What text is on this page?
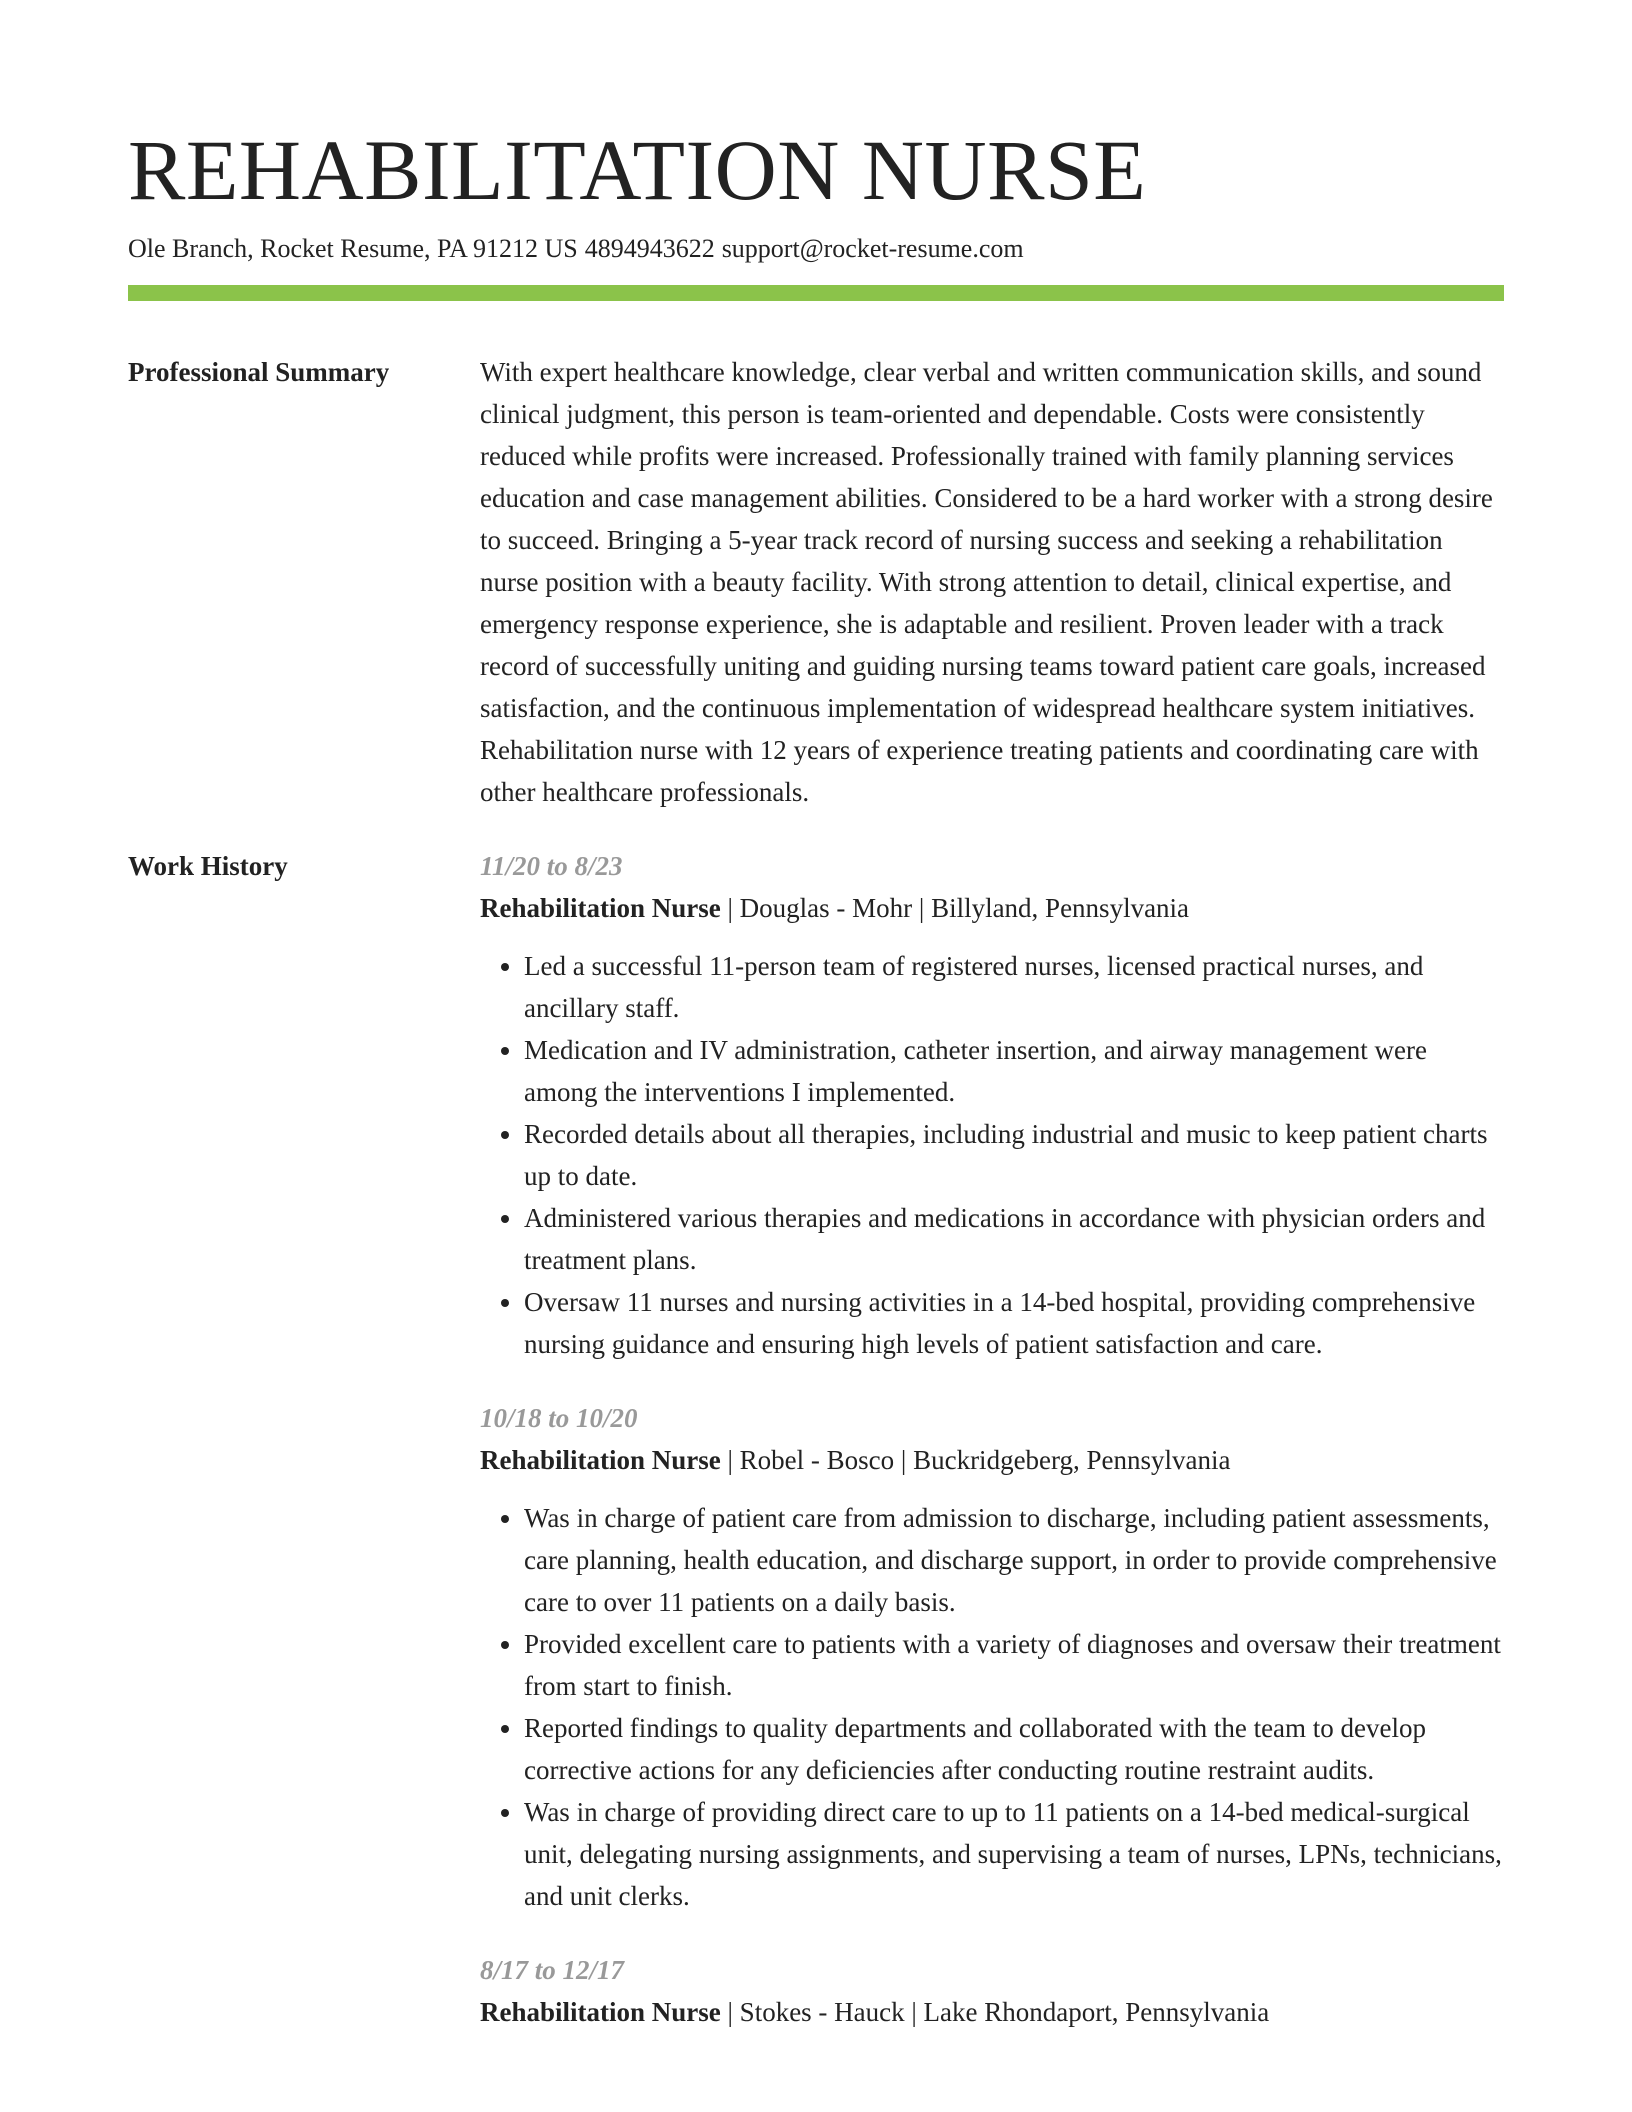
REHABILITATION NURSE
Ole Branch, Rocket Resume, PA 91212 US 4894943622 support@rocket-resume.com
Professional Summary	With expert healthcare knowledge, clear verbal and written communication skills, and sound clinical judgment, this person is team-oriented and dependable. Costs were consistently reduced while profits were increased. Professionally trained with family planning services education and case management abilities. Considered to be a hard worker with a strong desire to succeed. Bringing a 5-year track record of nursing success and seeking a rehabilitation nurse position with a beauty facility. With strong attention to detail, clinical expertise, and emergency response experience, she is adaptable and resilient. Proven leader with a track record of successfully uniting and guiding nursing teams toward patient care goals, increased satisfaction, and the continuous implementation of widespread healthcare system initiatives. Rehabilitation nurse with 12 years of experience treating patients and coordinating care with other healthcare professionals.

Work History	11/20 to 8/23
Rehabilitation Nurse | Douglas - Mohr | Billyland, Pennsylvania
• Led a successful 11-person team of registered nurses, licensed practical nurses, and ancillary staff.
• Medication and IV administration, catheter insertion, and airway management were among the interventions I implemented.
• Recorded details about all therapies, including industrial and music to keep patient charts up to date.
• Administered various therapies and medications in accordance with physician orders and treatment plans.
• Oversaw 11 nurses and nursing activities in a 14-bed hospital, providing comprehensive nursing guidance and ensuring high levels of patient satisfaction and care.
10/18 to 10/20
Rehabilitation Nurse | Robel - Bosco | Buckridgeberg, Pennsylvania
• Was in charge of patient care from admission to discharge, including patient assessments, care planning, health education, and discharge support, in order to provide comprehensive care to over 11 patients on a daily basis.
• Provided excellent care to patients with a variety of diagnoses and oversaw their treatment from start to finish.
• Reported findings to quality departments and collaborated with the team to develop corrective actions for any deficiencies after conducting routine restraint audits.
• Was in charge of providing direct care to up to 11 patients on a 14-bed medical-surgical unit, delegating nursing assignments, and supervising a team of nurses, LPNs, technicians, and unit clerks.
8/17 to 12/17
Rehabilitation Nurse | Stokes - Hauck | Lake Rhondaport, Pennsylvania
